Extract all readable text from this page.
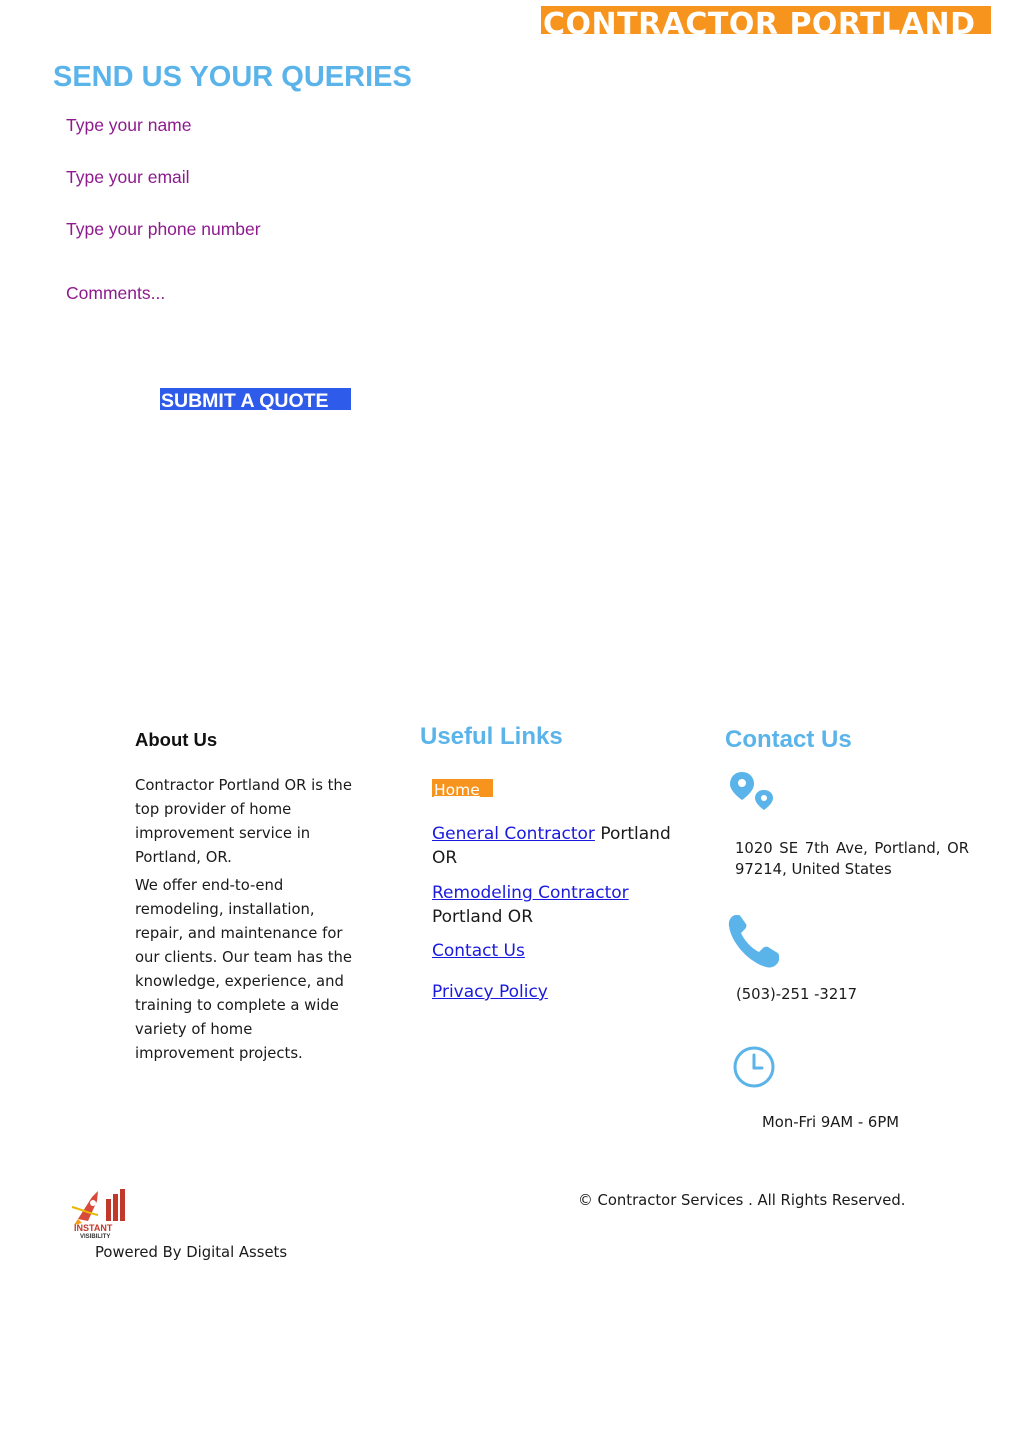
CONTRACTOR PORTLAND
SEND US YOUR QUERIES
Type your name
Type your email
Type your phone number
Comments...
SUBMIT A QUOTE
About Us

Contractor Portland OR is the top provider of home improvement service in Portland, OR.

We offer end-to-end remodeling, installation, repair, and maintenance for our clients. Our team has the knowledge, experience, and training to complete a wide variety of home improvement projects.

Useful Links
Home
General Contractor Portland OR
Remodeling Contractor
Portland OR
Contact Us
Privacy Policy
Contact Us
1020 SE 7th Ave, Portland, OR 97214, United States
(503)-251 -3217
Mon-Fri 9AM - 6PM
INSTANT
VISIBILITY
© Contractor Services . All Rights Reserved.
Powered By Digital Assets
